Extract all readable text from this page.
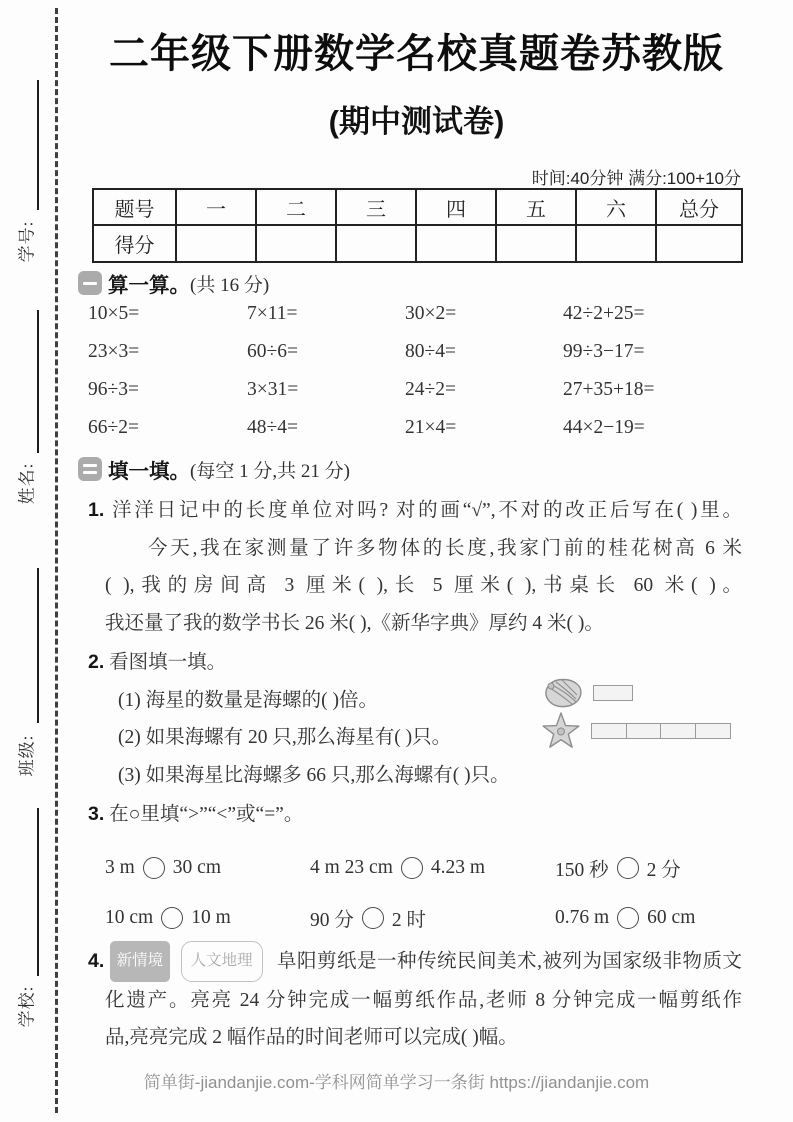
学号:
姓名:
班级:
学校:
二年级下册数学名校真题卷苏教版
(期中测试卷)
时间:40分钟 满分:100+10分
题号	一	二	三	四	五	六	总分
得分							
算一算。 (共 16 分)
10×5=	7×11=	30×2=	42÷2+25=
23×3=	60÷6=	80÷4=	99÷3−17=
96÷3=	3×31=	24÷2=	27+35+18=
66÷2=	48÷4=	21×4=	44×2−19=
填一填。 (每空 1 分,共 21 分)
1. 洋洋日记中的长度单位对吗? 对的画“√”,不对的改正后写在( )里。
今天,我在家测量了许多物体的长度,我家门前的桂花树高 6 米
( ),我的房间高 3 厘米( ),长 5 厘米( ),书桌长 60 米( )。
我还量了我的数学书长 26 米( ),《新华字典》厚约 4 米( )。
2. 看图填一填。
(1) 海星的数量是海螺的( )倍。
(2) 如果海螺有 20 只,那么海星有( )只。
(3) 如果海星比海螺多 66 只,那么海螺有( )只。
3. 在○里填“>”“<”或“=”。
3 m 30 cm	4 m 23 cm 4.23 m	150 秒 2 分
10 cm 10 m	90 分 2 时	0.76 m 60 cm
4. 新情境 人文地理 阜阳剪纸是一种传统民间美术,被列为国家级非物质文
化遗产。亮亮 24 分钟完成一幅剪纸作品,老师 8 分钟完成一幅剪纸作
品,亮亮完成 2 幅作品的时间老师可以完成( )幅。
简单街-jiandanjie.com-学科网简单学习一条街 https://jiandanjie.com
